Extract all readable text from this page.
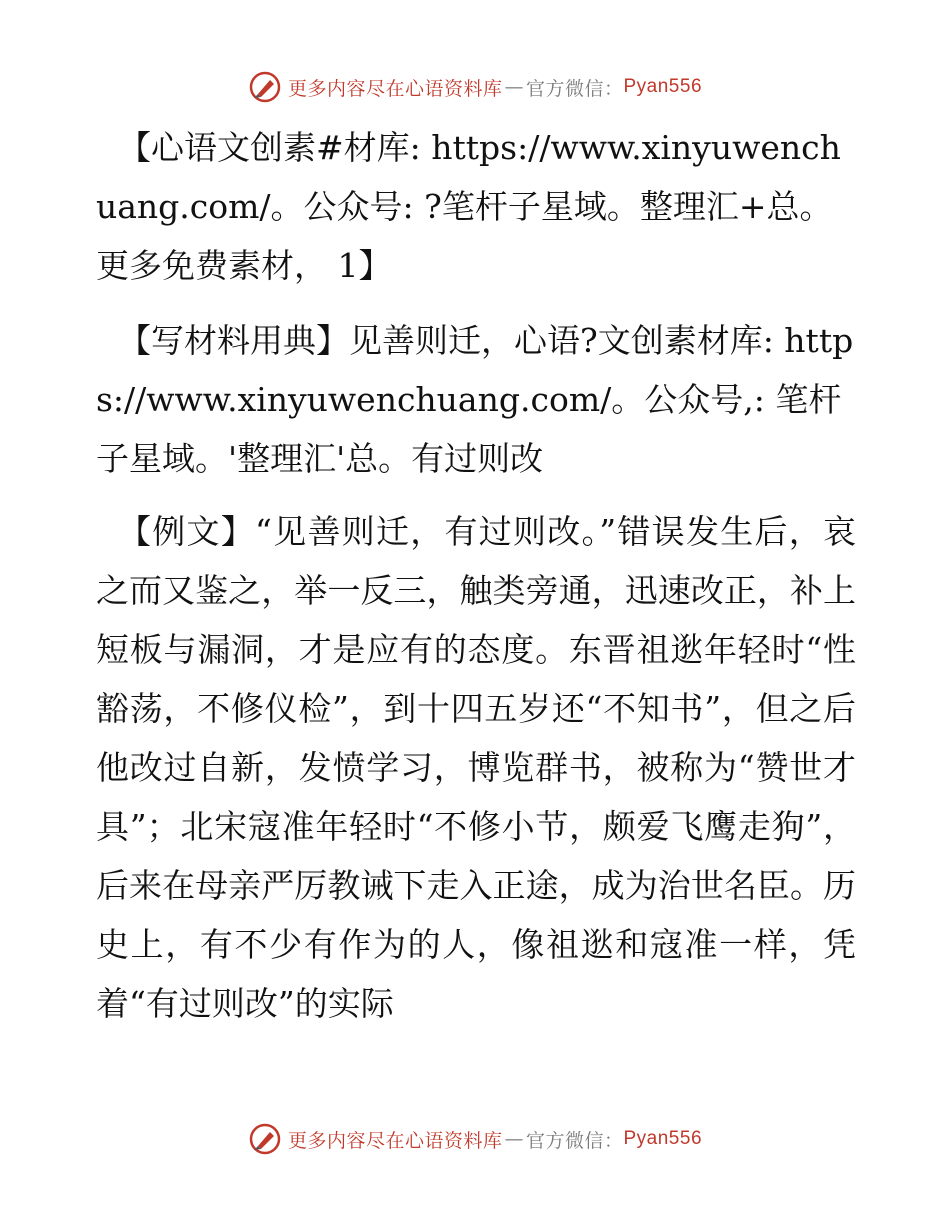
更多内容尽在心语资料库 — 官方微信： Pyan556

【心语文创素#材库: https://www.xinyuwenchuang.com/。公众号: ?笔杆子星域。整理汇+总。更多免费素材， 1】

【写材料用典】见善则迁，心语?文创素材库: https://www.xinyuwenchuang.com/。公众号,: 笔杆子星域。'整理汇'总。有过则改

【例文】“见善则迁，有过则改。”错误发生后，哀之而又鉴之，举一反三，触类旁通，迅速改正，补上短板与漏洞，才是应有的态度。东晋祖逖年轻时“性豁荡，不修仪检”，到十四五岁还“不知书”，但之后他改过自新，发愤学习，博览群书，被称为“赞世才具”；北宋寇准年轻时“不修小节，颇爱飞鹰走狗”，后来在母亲严厉教诫下走入正途，成为治世名臣。历史上，有不少有作为的人，像祖逖和寇准一样，凭着“有过则改”的实际

更多内容尽在心语资料库 — 官方微信： Pyan556
